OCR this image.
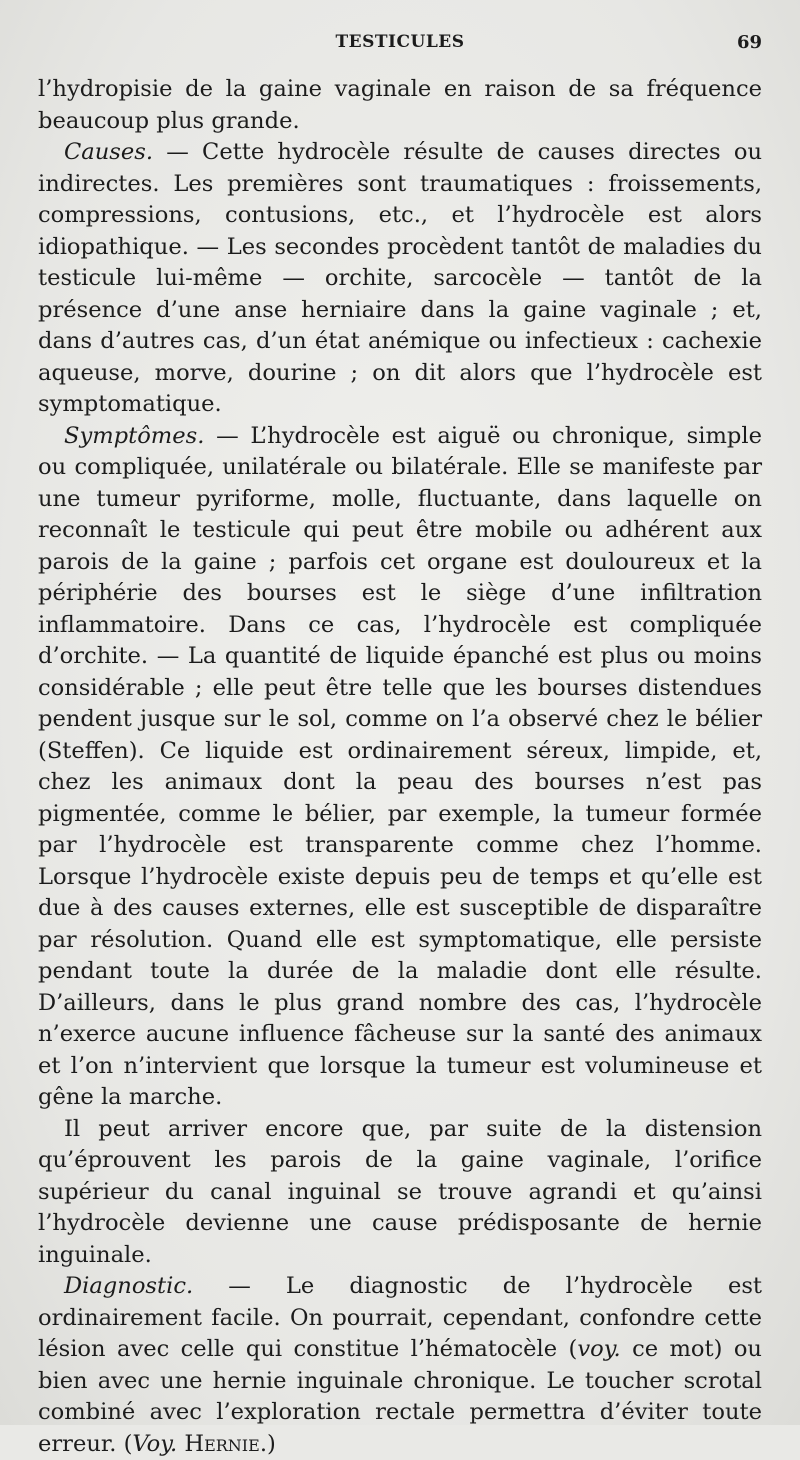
TESTICULES	69

l’hydropisie de la gaine vaginale en raison de sa fréquence beaucoup plus grande.

Causes. — Cette hydrocèle résulte de causes directes ou indirectes. Les premières sont traumatiques : froissements, compressions, contusions, etc., et l’hydrocèle est alors idiopathique. — Les secondes procèdent tantôt de maladies du testicule lui-même — orchite, sarcocèle — tantôt de la présence d’une anse herniaire dans la gaine vaginale ; et, dans d’autres cas, d’un état anémique ou infectieux : cachexie aqueuse, morve, dourine ; on dit alors que l’hydrocèle est symptomatique.

Symptômes. — L’hydrocèle est aiguë ou chronique, simple ou compliquée, unilatérale ou bilatérale. Elle se manifeste par une tumeur pyriforme, molle, fluctuante, dans laquelle on reconnaît le testicule qui peut être mobile ou adhérent aux parois de la gaine ; parfois cet organe est douloureux et la périphérie des bourses est le siège d’une infiltration inflammatoire. Dans ce cas, l’hydrocèle est compliquée d’orchite. — La quantité de liquide épanché est plus ou moins considérable ; elle peut être telle que les bourses distendues pendent jusque sur le sol, comme on l’a observé chez le bélier (Steffen). Ce liquide est ordinairement séreux, limpide, et, chez les animaux dont la peau des bourses n’est pas pigmentée, comme le bélier, par exemple, la tumeur formée par l’hydrocèle est transparente comme chez l’homme. Lorsque l’hydrocèle existe depuis peu de temps et qu’elle est due à des causes externes, elle est susceptible de disparaître par résolution. Quand elle est symptomatique, elle persiste pendant toute la durée de la maladie dont elle résulte. D’ailleurs, dans le plus grand nombre des cas, l’hydrocèle n’exerce aucune influence fâcheuse sur la santé des animaux et l’on n’intervient que lorsque la tumeur est volumineuse et gêne la marche.

Il peut arriver encore que, par suite de la distension qu’éprouvent les parois de la gaine vaginale, l’orifice supérieur du canal inguinal se trouve agrandi et qu’ainsi l’hydrocèle devienne une cause prédisposante de hernie inguinale.

Diagnostic. — Le diagnostic de l’hydrocèle est ordinairement facile. On pourrait, cependant, confondre cette lésion avec celle qui constitue l’hématocèle (voy. ce mot) ou bien avec une hernie inguinale chronique. Le toucher scrotal combiné avec l’exploration rectale permettra d’éviter toute erreur. (Voy. Hernie.)
